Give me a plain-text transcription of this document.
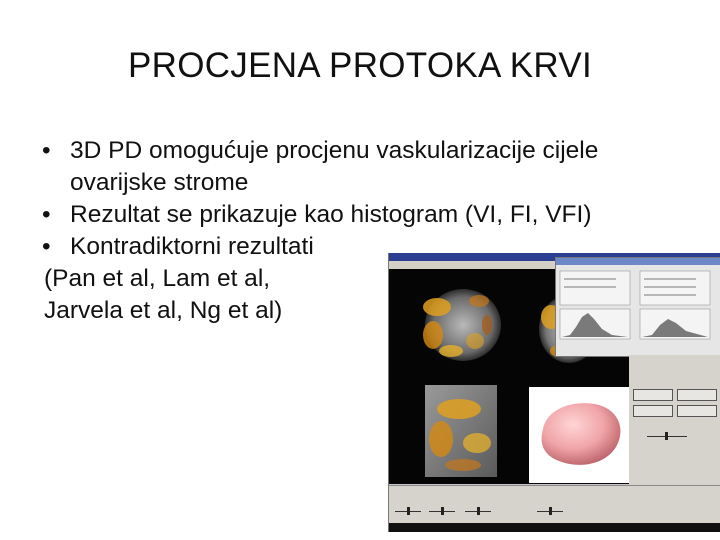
PROCJENA PROTOKA KRVI
• 3D PD omogućuje procjenu vaskularizacije cijele ovarijske strome
• Rezultat se prikazuje kao histogram (VI, FI, VFI)
• Kontradiktorni rezultati
(Pan et al, Lam et al,
Jarvela et al, Ng et al)
